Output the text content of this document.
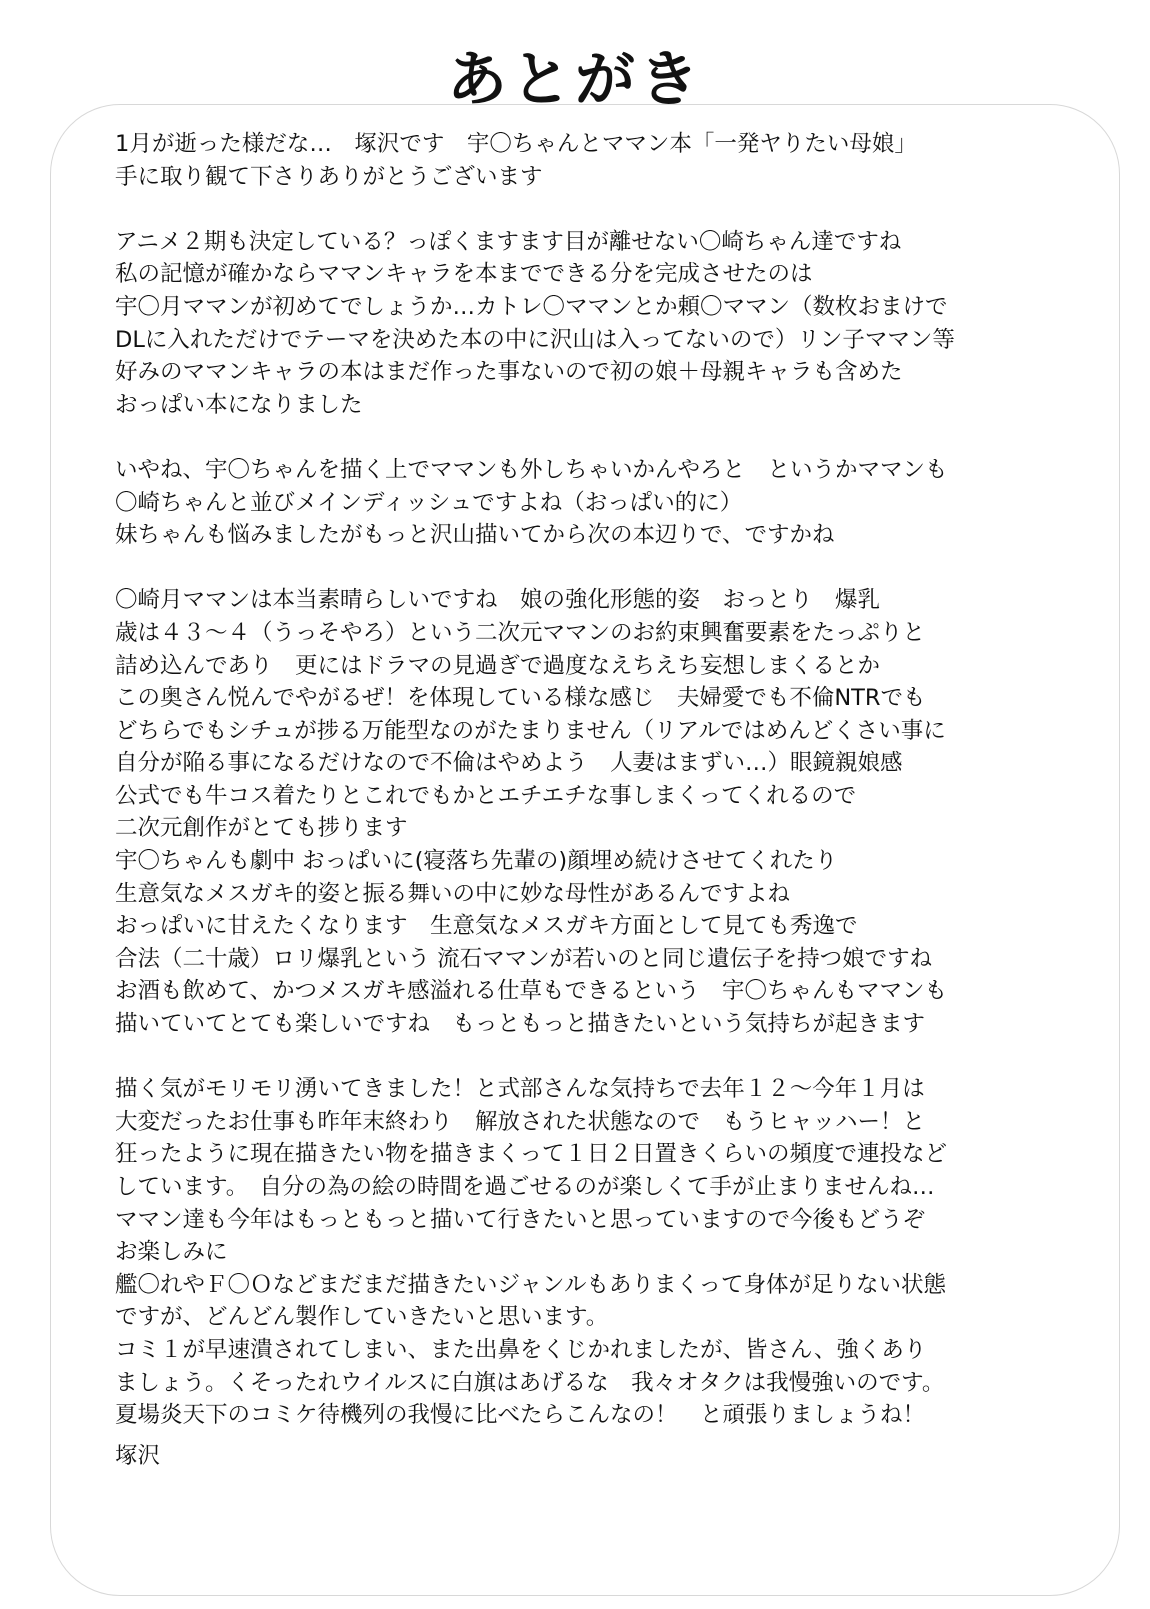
あとがき
1月が逝った様だな…　塚沢です　宇〇ちゃんとママン本「一発ヤりたい母娘」
手に取り観て下さりありがとうございます
アニメ２期も決定している？っぽくますます目が離せない〇崎ちゃん達ですね
私の記憶が確かならママンキャラを本までできる分を完成させたのは
宇〇月ママンが初めてでしょうか…カトレ〇ママンとか頼〇ママン（数枚おまけで
DLに入れただけでテーマを決めた本の中に沢山は入ってないので）リン子ママン等
好みのママンキャラの本はまだ作った事ないので初の娘＋母親キャラも含めた
おっぱい本になりました
いやね、宇〇ちゃんを描く上でママンも外しちゃいかんやろと　というかママンも
〇崎ちゃんと並びメインディッシュですよね（おっぱい的に）
妹ちゃんも悩みましたがもっと沢山描いてから次の本辺りで、ですかね
〇崎月ママンは本当素晴らしいですね　娘の強化形態的姿　おっとり　爆乳
歳は４３～４（うっそやろ）という二次元ママンのお約束興奮要素をたっぷりと
詰め込んであり　更にはドラマの見過ぎで過度なえちえち妄想しまくるとか
この奥さん悦んでやがるぜ！を体現している様な感じ　夫婦愛でも不倫NTRでも
どちらでもシチュが捗る万能型なのがたまりません（リアルではめんどくさい事に
自分が陥る事になるだけなので不倫はやめよう　人妻はまずい…）眼鏡親娘感
公式でも牛コス着たりとこれでもかとエチエチな事しまくってくれるので
二次元創作がとても捗ります
宇〇ちゃんも劇中 おっぱいに(寝落ち先輩の)顔埋め続けさせてくれたり
生意気なメスガキ的姿と振る舞いの中に妙な母性があるんですよね
おっぱいに甘えたくなります　生意気なメスガキ方面として見ても秀逸で
合法（二十歳）ロリ爆乳という 流石ママンが若いのと同じ遺伝子を持つ娘ですね
お酒も飲めて、かつメスガキ感溢れる仕草もできるという　宇〇ちゃんもママンも
描いていてとても楽しいですね　もっともっと描きたいという気持ちが起きます
描く気がモリモリ湧いてきました！と式部さんな気持ちで去年１２～今年１月は
大変だったお仕事も昨年末終わり　解放された状態なので　もうヒャッハー！と
狂ったように現在描きたい物を描きまくって１日２日置きくらいの頻度で連投など
しています。　自分の為の絵の時間を過ごせるのが楽しくて手が止まりませんね…
ママン達も今年はもっともっと描いて行きたいと思っていますので今後もどうぞ
お楽しみに
艦〇れやＦ〇Ｏなどまだまだ描きたいジャンルもありまくって身体が足りない状態
ですが、どんどん製作していきたいと思います。
コミ１が早速潰されてしまい、また出鼻をくじかれましたが、皆さん、強くあり
ましょう。くそったれウイルスに白旗はあげるな　我々オタクは我慢強いのです。
夏場炎天下のコミケ待機列の我慢に比べたらこんなの！　と頑張りましょうね！
塚沢
